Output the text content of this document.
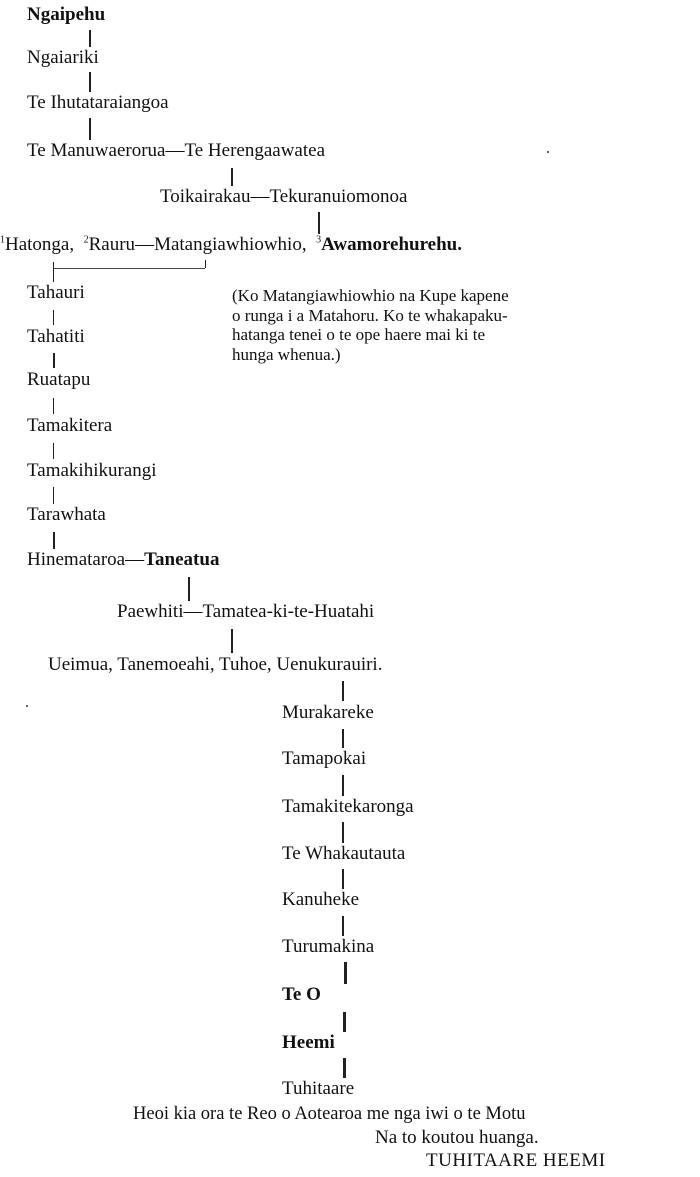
Ngaipehu
Ngaiariki
Te Ihutataraiangoa
Te Manuwaerorua—Te Herengaawatea
Toikairakau—Tekuranuiomonoa
$^1$Hatonga, $^2$Rauru—Matangiawhiowhio, $^3$Awamorehurehu.
Tahauri
Tahatiti
Ruatapu
Tamakitera
Tamakihikurangi
Tarawhata
(Ko Matangiawhiowhio na Kupe kapene
o runga i a Matahoru. Ko te whakapaku-
hatanga tenei o te ope haere mai ki te
hunga whenua.)
Hinemataroa—Taneatua
Paewhiti—Tamatea-ki-te-Huatahi
Ueimua, Tanemoeahi, Tuhoe, Uenukurauiri.
Murakareke
Tamapokai
Tamakitekaronga
Te Whakautauta
Kanuheke
Turumakina
Te O
Heemi
Tuhitaare
Heoi kia ora te Reo o Aotearoa me nga iwi o te Motu
Na to koutou huanga.
TUHITAARE HEEMI
